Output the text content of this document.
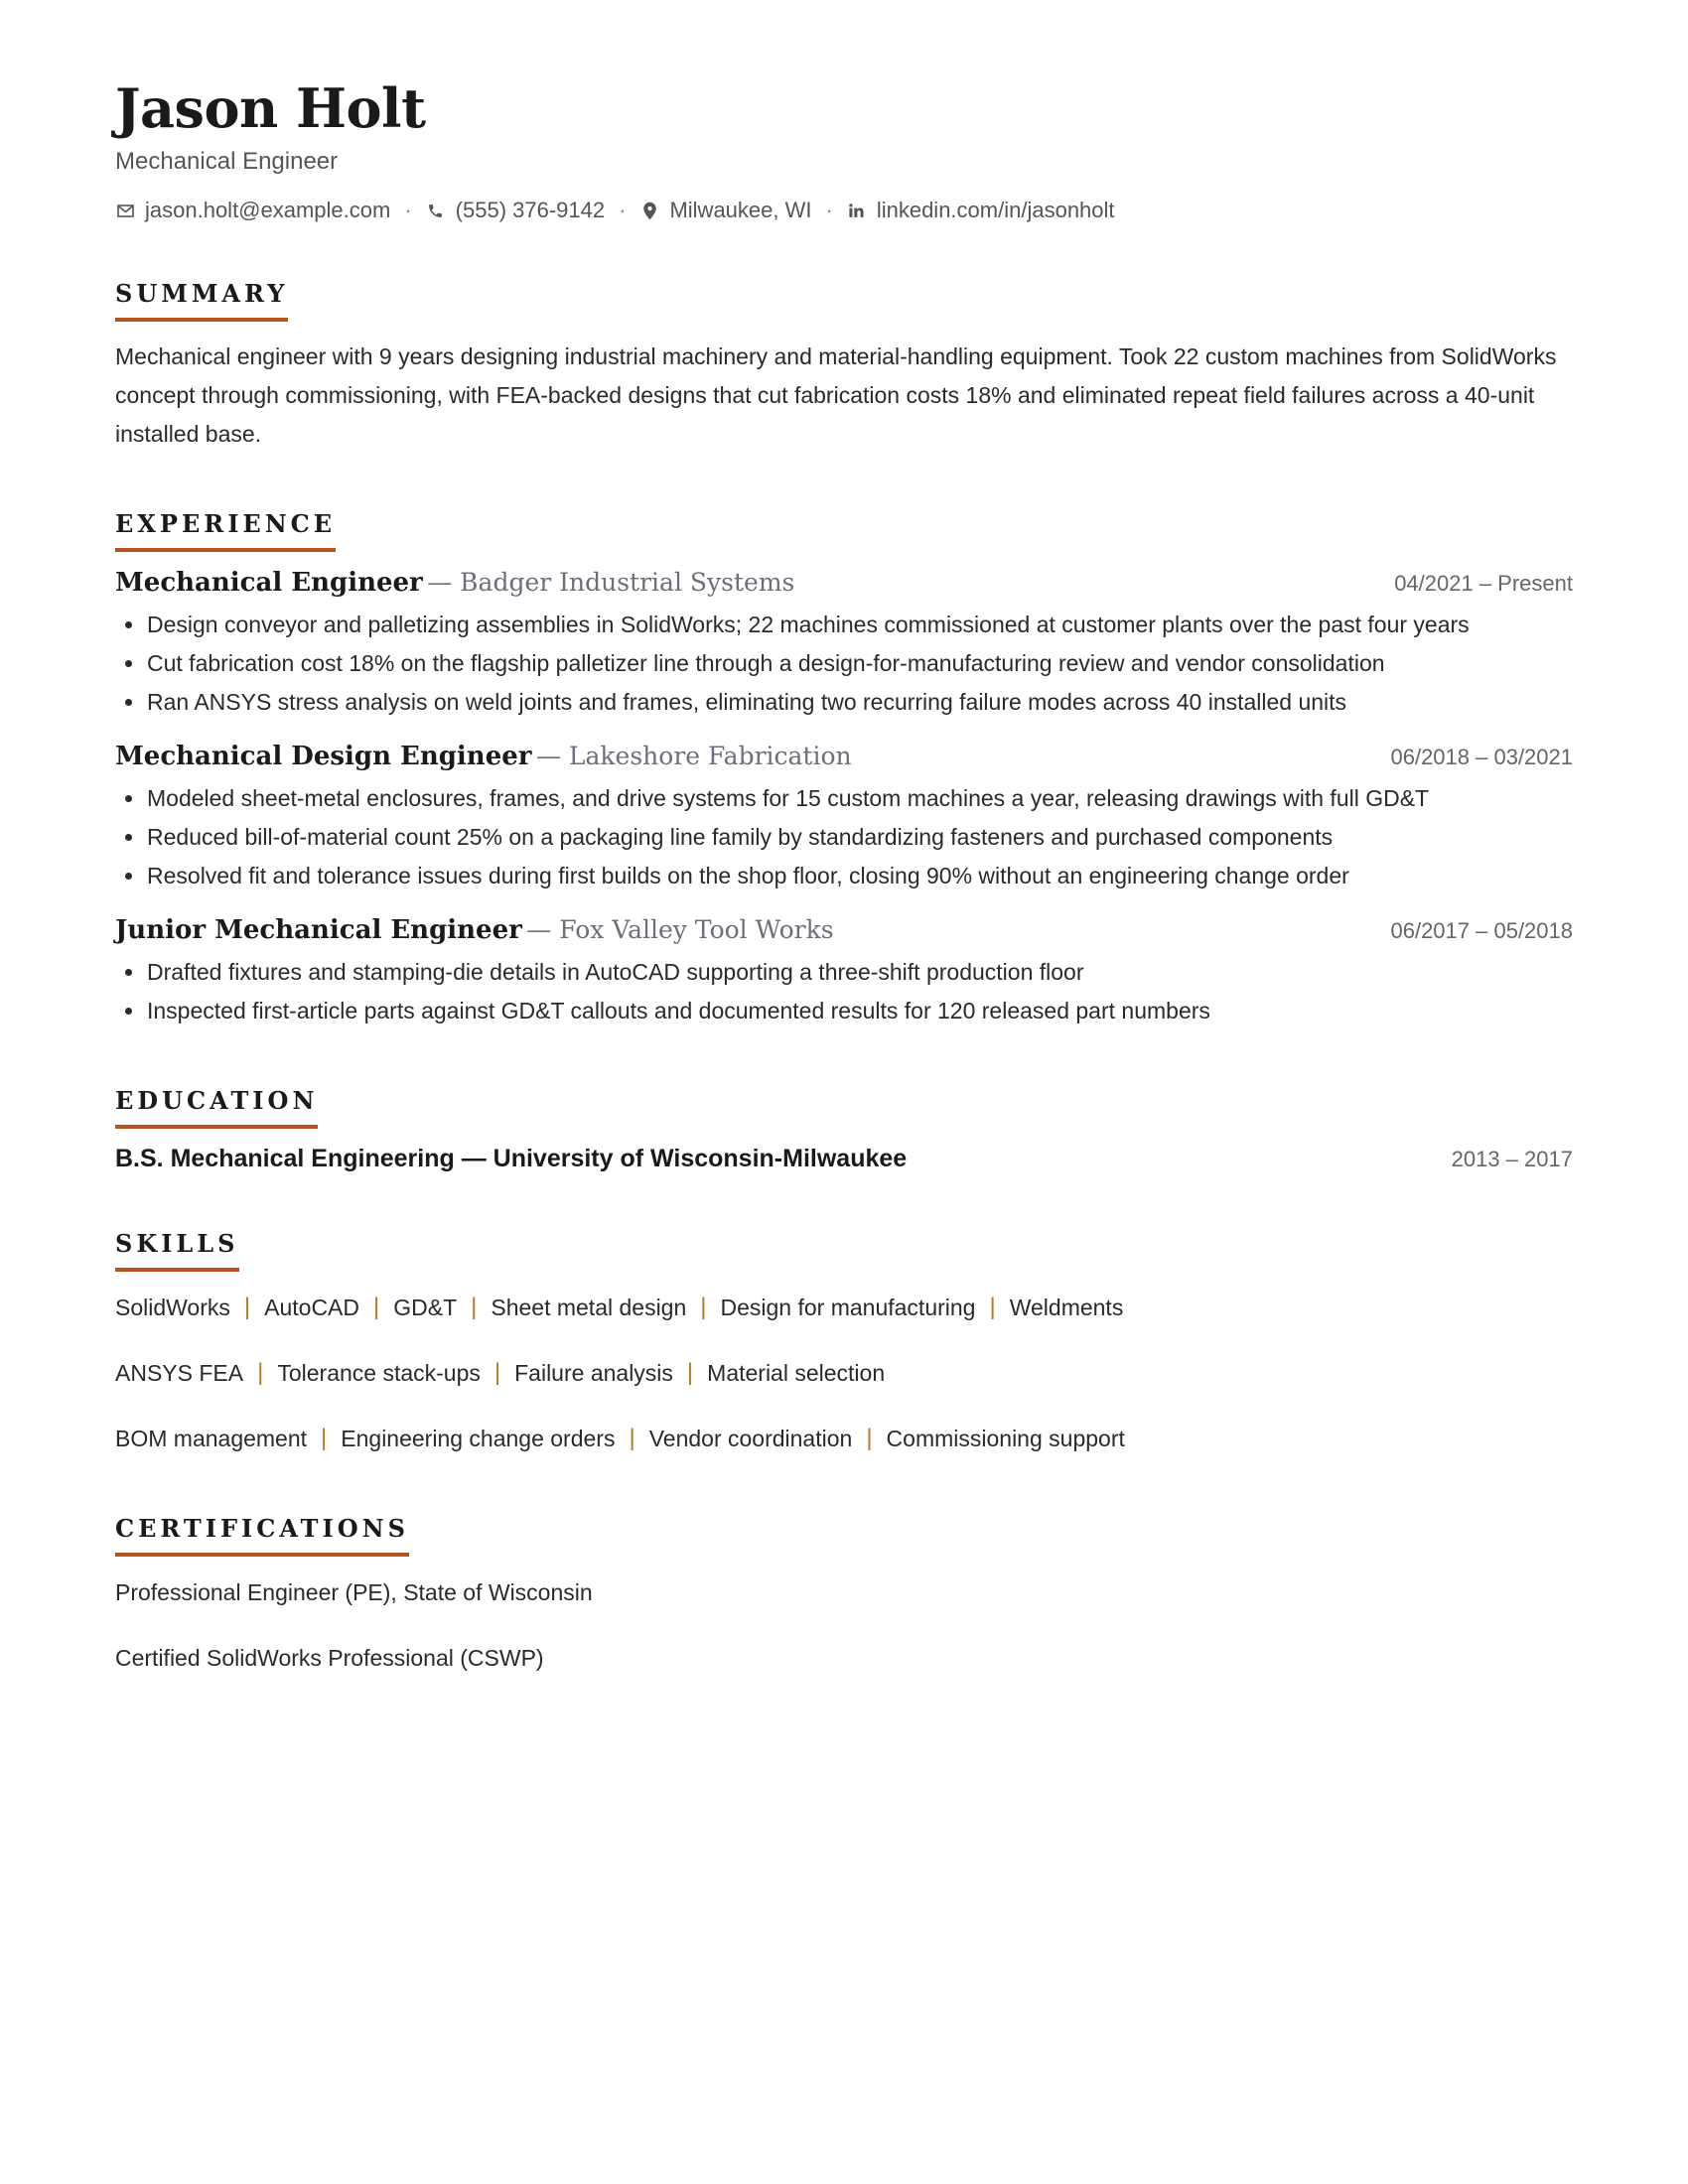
Jason Holt
Mechanical Engineer
jason.holt@example.com · (555) 376-9142 · Milwaukee, WI · linkedin.com/in/jasonholt
SUMMARY

Mechanical engineer with 9 years designing industrial machinery and material-handling equipment. Took 22 custom machines from SolidWorks concept through commissioning, with FEA-backed designs that cut fabrication costs 18% and eliminated repeat field failures across a 40-unit installed base.

EXPERIENCE
Mechanical Engineer — Badger Industrial Systems	04/2021 – Present
Design conveyor and palletizing assemblies in SolidWorks; 22 machines commissioned at customer plants over the past four years
Cut fabrication cost 18% on the flagship palletizer line through a design-for-manufacturing review and vendor consolidation
Ran ANSYS stress analysis on weld joints and frames, eliminating two recurring failure modes across 40 installed units
Mechanical Design Engineer — Lakeshore Fabrication	06/2018 – 03/2021
Modeled sheet-metal enclosures, frames, and drive systems for 15 custom machines a year, releasing drawings with full GD&T
Reduced bill-of-material count 25% on a packaging line family by standardizing fasteners and purchased components
Resolved fit and tolerance issues during first builds on the shop floor, closing 90% without an engineering change order
Junior Mechanical Engineer — Fox Valley Tool Works	06/2017 – 05/2018
Drafted fixtures and stamping-die details in AutoCAD supporting a three-shift production floor
Inspected first-article parts against GD&T callouts and documented results for 120 released part numbers
EDUCATION
B.S. Mechanical Engineering — University of Wisconsin-Milwaukee	2013 – 2017
SKILLS
SolidWorks | AutoCAD | GD&T | Sheet metal design | Design for manufacturing | Weldments
ANSYS FEA | Tolerance stack-ups | Failure analysis | Material selection
BOM management | Engineering change orders | Vendor coordination | Commissioning support
CERTIFICATIONS
Professional Engineer (PE), State of Wisconsin
Certified SolidWorks Professional (CSWP)
